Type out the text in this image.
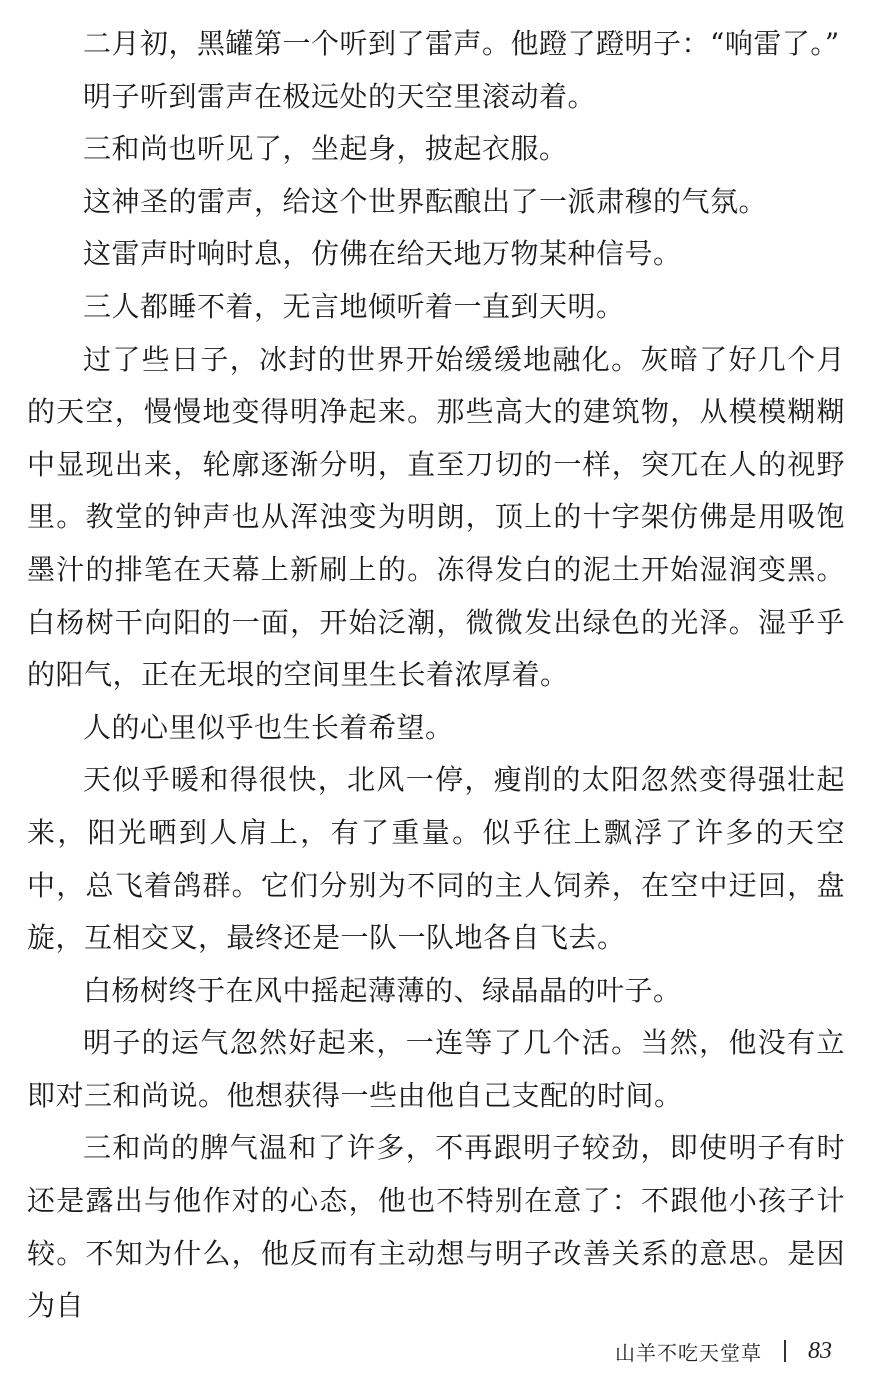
二月初，黑罐第一个听到了雷声。他蹬了蹬明子：“响雷了。”

明子听到雷声在极远处的天空里滚动着。

三和尚也听见了，坐起身，披起衣服。

这神圣的雷声，给这个世界酝酿出了一派肃穆的气氛。

这雷声时响时息，仿佛在给天地万物某种信号。

三人都睡不着，无言地倾听着一直到天明。

过了些日子，冰封的世界开始缓缓地融化。灰暗了好几个月的天空，慢慢地变得明净起来。那些高大的建筑物，从模模糊糊中显现出来，轮廓逐渐分明，直至刀切的一样，突兀在人的视野里。教堂的钟声也从浑浊变为明朗，顶上的十字架仿佛是用吸饱墨汁的排笔在天幕上新刷上的。冻得发白的泥土开始湿润变黑。白杨树干向阳的一面，开始泛潮，微微发出绿色的光泽。湿乎乎的阳气，正在无垠的空间里生长着浓厚着。

人的心里似乎也生长着希望。

天似乎暖和得很快，北风一停，瘦削的太阳忽然变得强壮起来，阳光晒到人肩上，有了重量。似乎往上飘浮了许多的天空中，总飞着鸽群。它们分别为不同的主人饲养，在空中迂回，盘旋，互相交叉，最终还是一队一队地各自飞去。

白杨树终于在风中摇起薄薄的、绿晶晶的叶子。

明子的运气忽然好起来，一连等了几个活。当然，他没有立即对三和尚说。他想获得一些由他自己支配的时间。

三和尚的脾气温和了许多，不再跟明子较劲，即使明子有时还是露出与他作对的心态，他也不特别在意了：不跟他小孩子计较。不知为什么，他反而有主动想与明子改善关系的意思。是因为自

山羊不吃天堂草 83
